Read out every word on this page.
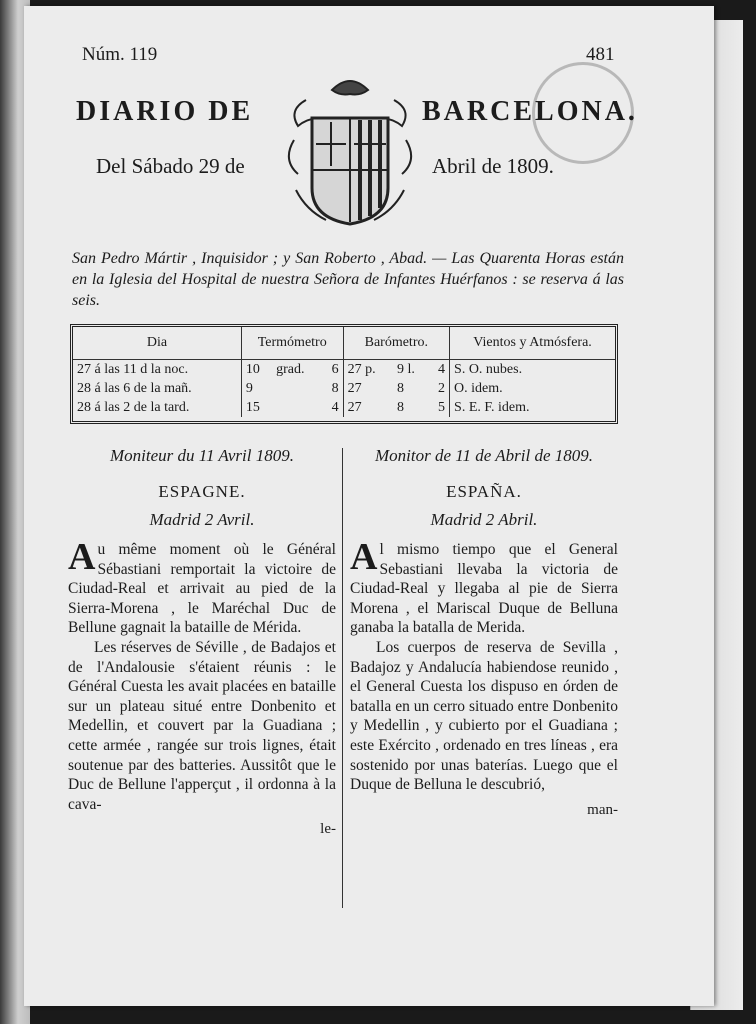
Núm. 119	481
DIARIO DE	BARCELONA.
Del Sábado 29 de	Abril de 1809.
San Pedro Mártir , Inquisidor ; y San Roberto , Abad. — Las Quarenta Horas están en la Iglesia del Hospital de nuestra Señora de Infantes Huérfanos : se reserva á las seis.
Dia	Termómetro			Barómetro.			Vientos y Atmósfera.
27 á las 11 d la noc.	10	grad.	6	27 p.	9 l.	4	S. O. nubes.
28 á las 6 de la mañ.	9		8	27	8	2	O. idem.
28 á las 2 de la tard.	15		4	27	8	5	S. E. F. idem.
Moniteur du 11 Avril 1809.
ESPAGNE.
Madrid 2 Avril.

Au même moment où le Général Sébastiani remportait la victoire de Ciudad-Real et arrivait au pied de la Sierra-Morena , le Maréchal Duc de Bellune gagnait la bataille de Mérida.

Les réserves de Séville , de Badajos et de l'Andalousie s'étaient réunis : le Général Cuesta les avait placées en bataille sur un plateau situé entre Donbenito et Medellin, et couvert par la Guadiana ; cette armée , rangée sur trois lignes, était soutenue par des batteries. Aussitôt que le Duc de Bellune l'apperçut , il ordonna à la cava-

le-
Monitor de 11 de Abril de 1809.
ESPAÑA.
Madrid 2 Abril.

Al mismo tiempo que el General Sebastiani llevaba la victoria de Ciudad-Real y llegaba al pie de Sierra Morena , el Mariscal Duque de Belluna ganaba la batalla de Merida.

Los cuerpos de reserva de Sevilla , Badajoz y Andalucía habiendose reunido , el General Cuesta los dispuso en órden de batalla en un cerro situado entre Donbenito y Medellin , y cubierto por el Guadiana ; este Exército , ordenado en tres líneas , era sostenido por unas baterías. Luego que el Duque de Belluna le descubrió,

man-
